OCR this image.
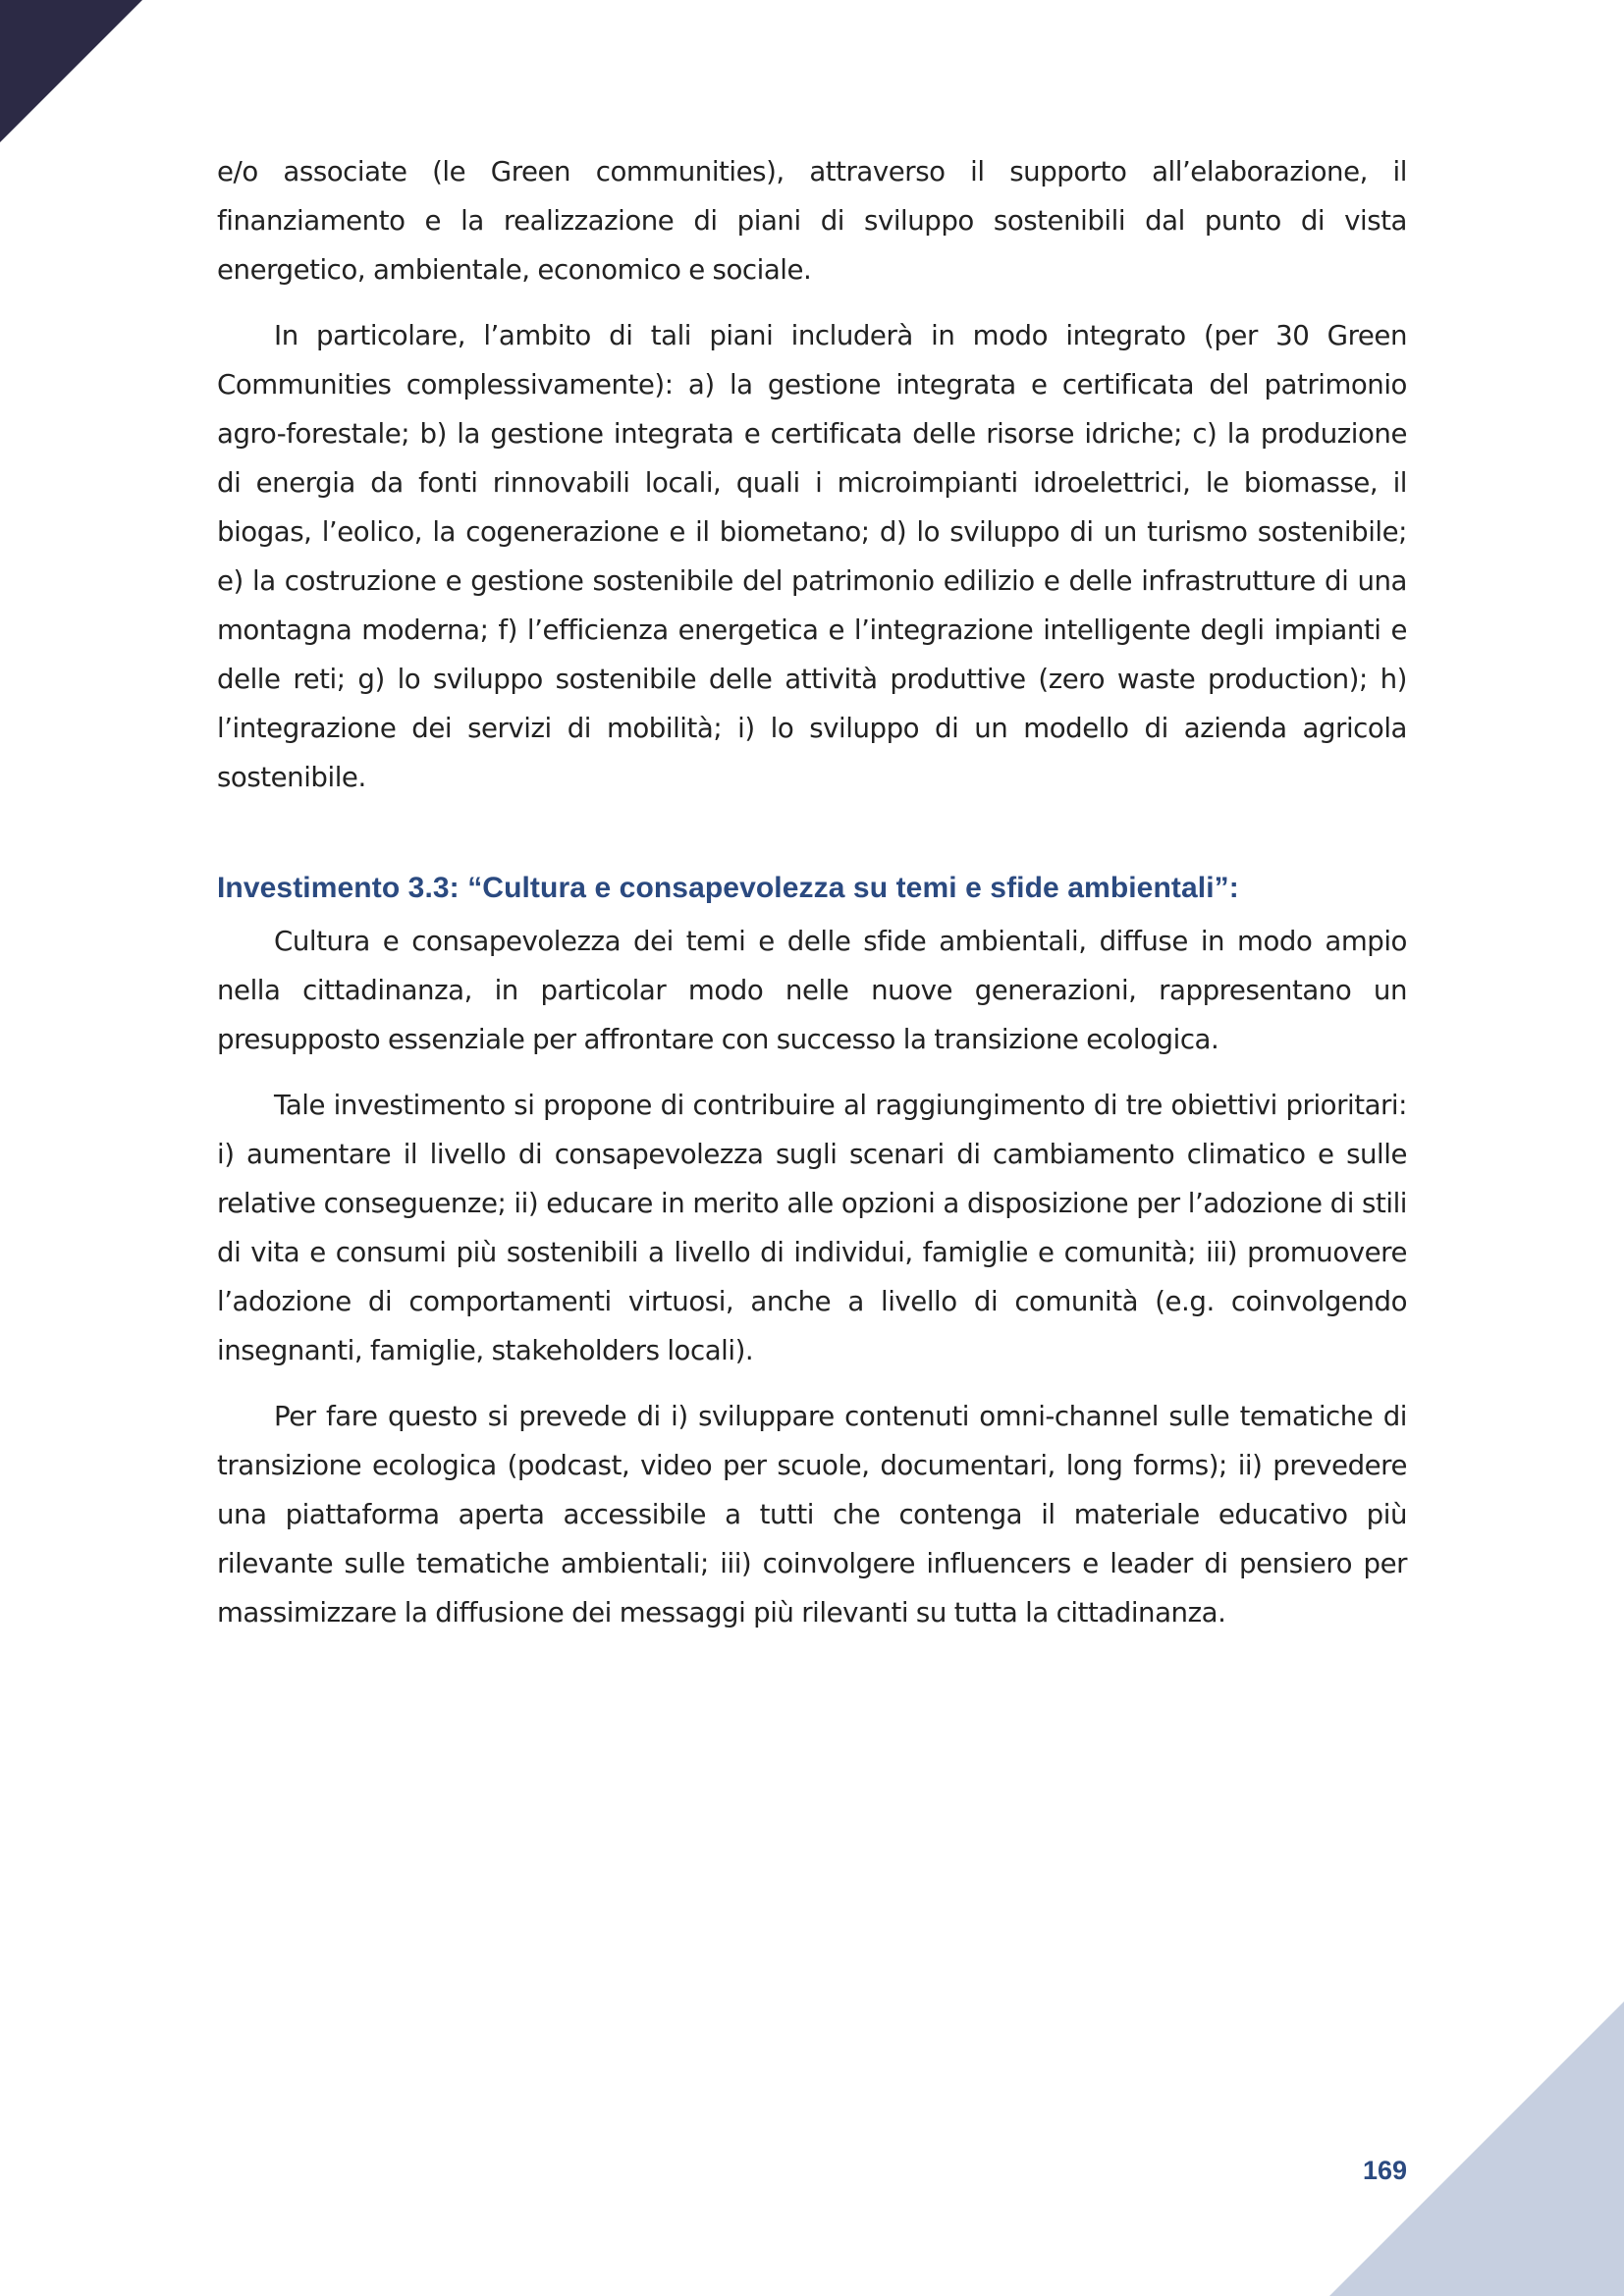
e/o associate (le Green communities), attraverso il supporto all’elaborazione, il finanziamento e la realizzazione di piani di sviluppo sostenibili dal punto di vista energetico, ambientale, economico e sociale.

In particolare, l’ambito di tali piani includerà in modo integrato (per 30 Green Communities complessivamente): a) la gestione integrata e certificata del patrimonio agro-forestale; b) la gestione integrata e certificata delle risorse idriche; c) la produzione di energia da fonti rinnovabili locali, quali i microimpianti idroelettrici, le biomasse, il biogas, l’eolico, la cogenerazione e il biometano; d) lo sviluppo di un turismo sostenibile; e) la costruzione e gestione sostenibile del patrimonio edilizio e delle infrastrutture di una montagna moderna; f) l’efficienza energetica e l’integrazione intelligente degli impianti e delle reti; g) lo sviluppo sostenibile delle attività produttive (zero waste production); h) l’integrazione dei servizi di mobilità; i) lo sviluppo di un modello di azienda agricola sostenibile.

Investimento 3.3: “Cultura e consapevolezza su temi e sfide ambientali”:

Cultura e consapevolezza dei temi e delle sfide ambientali, diffuse in modo ampio nella cittadinanza, in particolar modo nelle nuove generazioni, rappresentano un presupposto essenziale per affrontare con successo la transizione ecologica.

Tale investimento si propone di contribuire al raggiungimento di tre obiettivi prioritari: i) aumentare il livello di consapevolezza sugli scenari di cambiamento climatico e sulle relative conseguenze; ii) educare in merito alle opzioni a disposizione per l’adozione di stili di vita e consumi più sostenibili a livello di individui, famiglie e comunità; iii) promuovere l’adozione di comportamenti virtuosi, anche a livello di comunità (e.g. coinvolgendo insegnanti, famiglie, stakeholders locali).

Per fare questo si prevede di i) sviluppare contenuti omni-channel sulle tematiche di transizione ecologica (podcast, video per scuole, documentari, long forms); ii) prevedere una piattaforma aperta accessibile a tutti che contenga il materiale educativo più rilevante sulle tematiche ambientali; iii) coinvolgere influencers e leader di pensiero per massimizzare la diffusione dei messaggi più rilevanti su tutta la cittadinanza.

169
